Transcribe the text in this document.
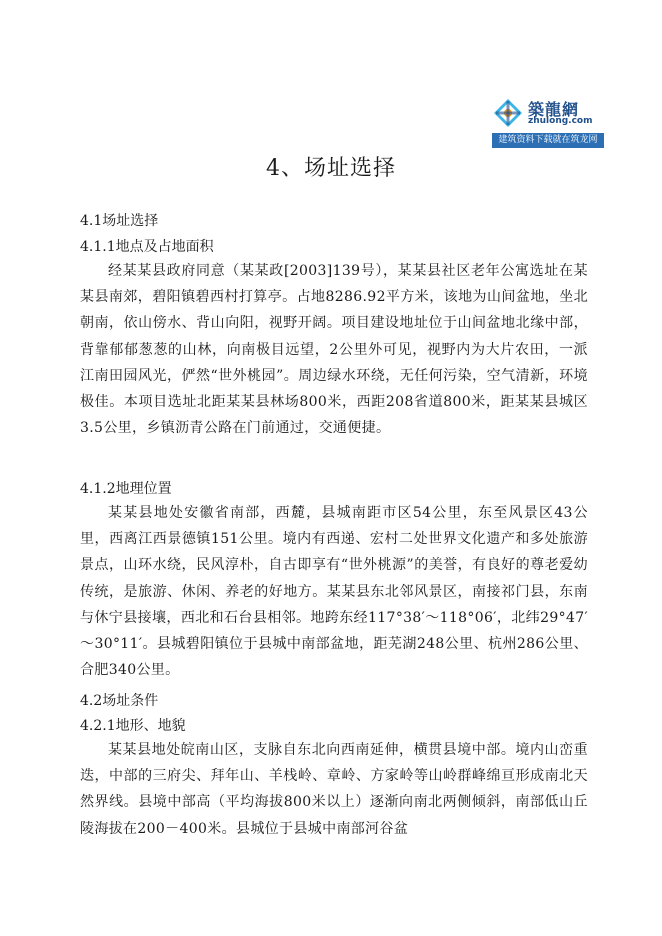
築龍網
zhulong.com
建筑资料下载就在筑龙网
4、场址选择
4.1场址选择
4.1.1地点及占地面积

经某某县政府同意（某某政[2003]139号），某某县社区老年公寓选址在某某县南郊，碧阳镇碧西村打算亭。占地8286.92平方米，该地为山间盆地，坐北朝南，依山傍水、背山向阳，视野开阔。项目建设地址位于山间盆地北缘中部，背靠郁郁葱葱的山林，向南极目远望，2公里外可见，视野内为大片农田，一派江南田园风光，俨然“世外桃园”。周边绿水环绕，无任何污染，空气清新，环境极佳。本项目选址北距某某县林场800米，西距208省道800米，距某某县城区3.5公里，乡镇沥青公路在门前通过，交通便捷。

4.1.2地理位置

某某县地处安徽省南部，西麓，县城南距市区54公里，东至风景区43公里，西离江西景德镇151公里。境内有西递、宏村二处世界文化遗产和多处旅游景点，山环水绕，民风淳朴，自古即享有“世外桃源”的美誉，有良好的尊老爱幼传统，是旅游、休闲、养老的好地方。某某县东北邻风景区，南接祁门县，东南与休宁县接壤，西北和石台县相邻。地跨东经117°38′～118°06′，北纬29°47′～30°11′。县城碧阳镇位于县城中南部盆地，距芜湖248公里、杭州286公里、合肥340公里。

4.2场址条件
4.2.1地形、地貌

某某县地处皖南山区，支脉自东北向西南延伸，横贯县境中部。境内山峦重迭，中部的三府尖、拜年山、羊栈岭、章岭、方家岭等山岭群峰绵亘形成南北天然界线。县境中部高（平均海拔800米以上）逐渐向南北两侧倾斜，南部低山丘陵海拔在200－400米。县城位于县城中南部河谷盆
